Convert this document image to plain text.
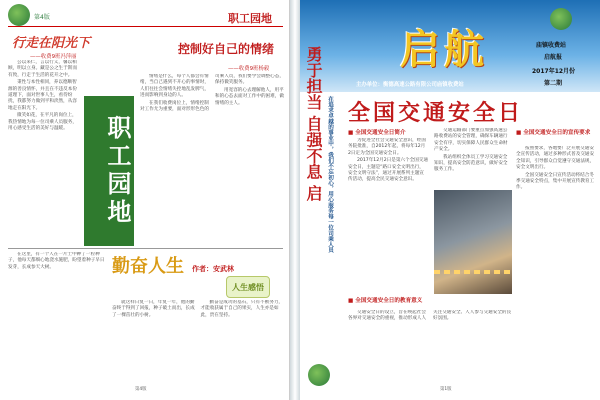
第4版	职工园地
行走在阳光下
——收费9班冯萍丽

公以来仁，言以行义，馨以相顾，明以立身。藏是公之生于斯而有致，行走于生活的花开之中。

秉性与本性相同，养以德顺智源的善良情怀，并且在不违反本份道理下，面对世事人生，看待纷扰，我都努力做到平和淡然，从容地走在阳光下。

微笑如花，在平凡的岗位上，我热情地为每一位司乘人员服务，用心感受生活的美好与温暖。	职工园地
控制好自己的情绪
——收费9班杨毅

情绪是什么，每个人都会有情绪，当自己遇到不开心的事情时，人们往往会情绪失控地乱发脾气，进而影响到身边的人。

在我们收费岗位上，情绪控制对工作尤为重要，面对形形色色的司乘人员，我们要学会调整心态，保持微笑服务。

用宽容的心去理解他人，用平和的心态去面对工作中的困难，做情绪的主人。

勤奋人生 作者：安武林
人生感悟

在这里，有一个人在一片土中种了一粒种子，他每天都细心地浇水施肥，盼望着种子早日发芽，长成参天大树。

就这样日复一日，年复一年，他的勤奋终于得到了回报，种子破土而出，长成了一棵茁壮的小树。

勤奋是成功的基石，只有不断努力，才能收获属于自己的果实，人生亦是如此，贵在坚持。

第4版
启航	庙镇收费站
启航报
2017年12月份
第二期
主办单位：衡德高速公路有限公司庙镇收费站
勇于担当 自强不息 启 在追求卓越的事业中，我们不忘初心，用心服务每一位司乘人员 全国交通安全日
■ 全国交通安全日简介

为促进全社会交通安全意识，经国务院批准，自2012年起，将每年12月2日定为全国交通安全日。

2017年12月2日是第六个全国交通安全日，主题是“路口安全文明出行，安全文明守法”，通过开展系列主题宣传活动，提高全民交通安全意识。

交通运输部门要重点加强高速公路收费站的安全管理，确保车辆通行安全有序，切实保障人民群众生命财产安全。

我站组织全体员工学习交通安全知识，提高安全防范意识，做好安全服务工作。

■ 全国交通安全日的宣传要求

按照要求，各地要广泛开展交通安全宣传活动，通过多种形式普及交通安全知识，引导群众自觉遵守交通法规，安全文明出行。

全国交通安全日宣传活动将结合冬季交通安全特点，集中开展宣传教育工作。

■ 全国交通安全日的教育意义

交通安全日的设立，旨在唤起社会各界对交通安全的重视，推动形成人人关注交通安全、人人参与交通安全的良好氛围。

第1版
